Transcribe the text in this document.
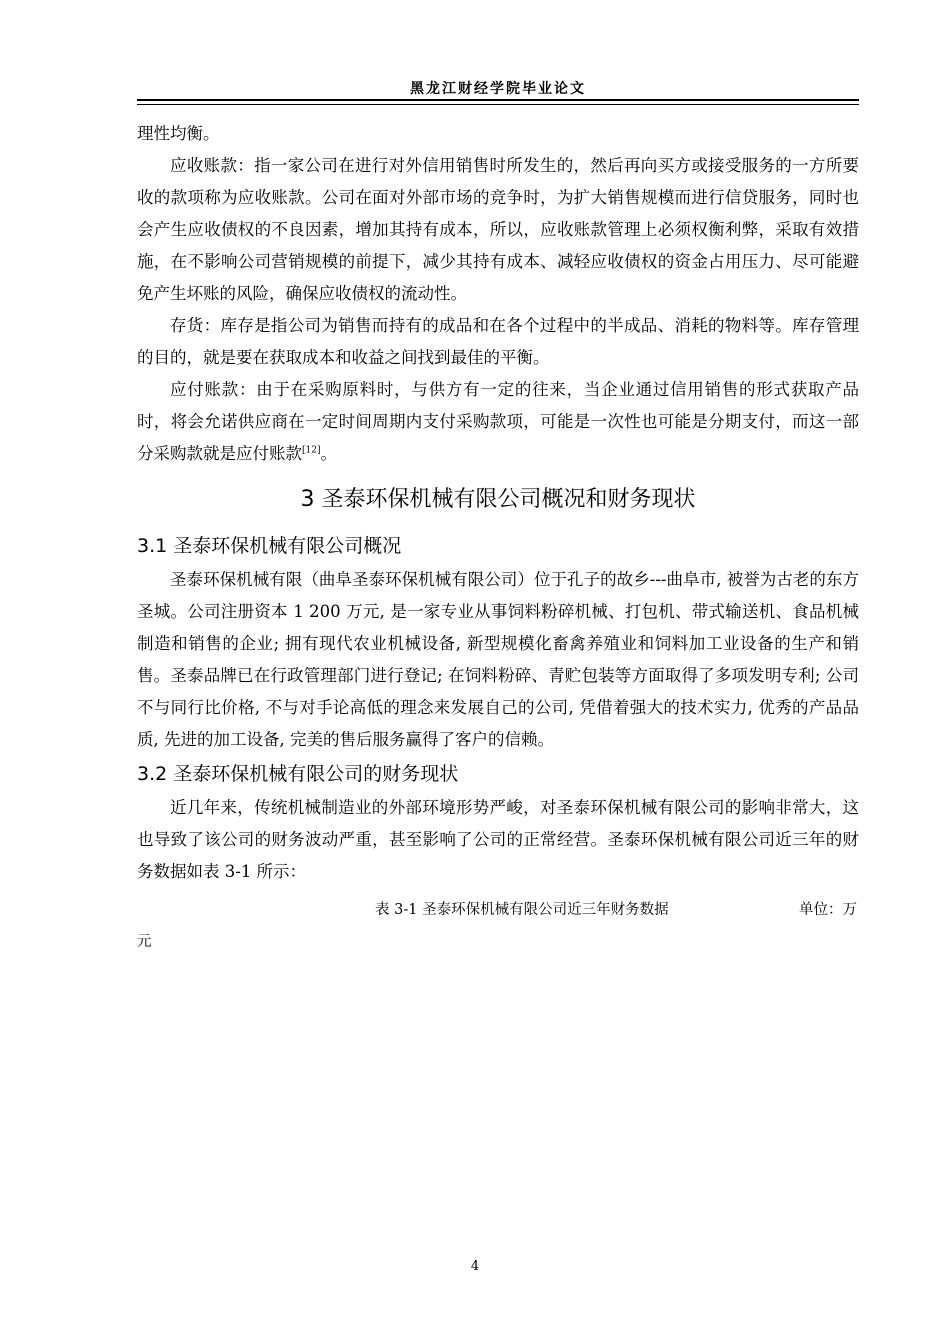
黑龙江财经学院毕业论文

理性均衡。

应收账款：指一家公司在进行对外信用销售时所发生的，然后再向买方或接受服务的一方所要收的款项称为应收账款。公司在面对外部市场的竞争时，为扩大销售规模而进行信贷服务，同时也会产生应收债权的不良因素，增加其持有成本，所以，应收账款管理上必须权衡利弊，采取有效措施，在不影响公司营销规模的前提下，减少其持有成本、减轻应收债权的资金占用压力、尽可能避免产生坏账的风险，确保应收债权的流动性。

存货：库存是指公司为销售而持有的成品和在各个过程中的半成品、消耗的物料等。库存管理的目的，就是要在获取成本和收益之间找到最佳的平衡。

应付账款：由于在采购原料时，与供方有一定的往来，当企业通过信用销售的形式获取产品时，将会允诺供应商在一定时间周期内支付采购款项，可能是一次性也可能是分期支付，而这一部分采购款就是应付账款[12]。

3 圣泰环保机械有限公司概况和财务现状
3.1 圣泰环保机械有限公司概况

圣泰环保机械有限（曲阜圣泰环保机械有限公司）位于孔子的故乡---曲阜市, 被誉为古老的东方圣城。公司注册资本 1 200 万元, 是一家专业从事饲料粉碎机械、打包机、带式输送机、食品机械制造和销售的企业; 拥有现代农业机械设备, 新型规模化畜禽养殖业和饲料加工业设备的生产和销售。圣泰品牌已在行政管理部门进行登记; 在饲料粉碎、青贮包装等方面取得了多项发明专利; 公司不与同行比价格, 不与对手论高低的理念来发展自己的公司, 凭借着强大的技术实力, 优秀的产品品质, 先进的加工设备, 完美的售后服务赢得了客户的信赖。

3.2 圣泰环保机械有限公司的财务现状

近几年来，传统机械制造业的外部环境形势严峻，对圣泰环保机械有限公司的影响非常大，这也导致了该公司的财务波动严重，甚至影响了公司的正常经营。圣泰环保机械有限公司近三年的财务数据如表 3-1 所示：

表 3-1 圣泰环保机械有限公司近三年财务数据	单位：万
元
4
